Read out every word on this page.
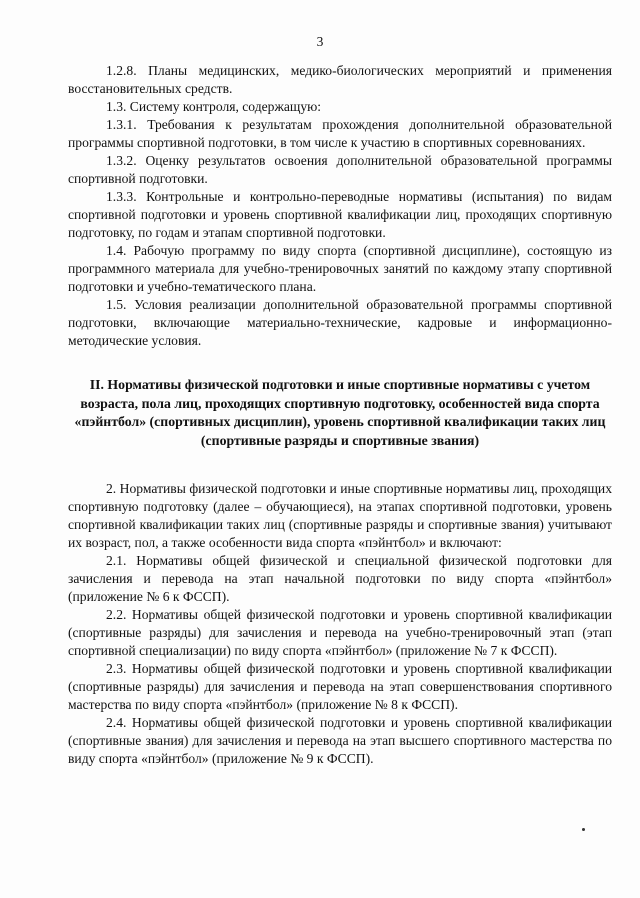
3

1.2.8. Планы медицинских, медико-биологических мероприятий и применения восстановительных средств.

1.3. Систему контроля, содержащую:

1.3.1. Требования к результатам прохождения дополнительной образовательной программы спортивной подготовки, в том числе к участию в спортивных соревнованиях.

1.3.2. Оценку результатов освоения дополнительной образовательной программы спортивной подготовки.

1.3.3. Контрольные и контрольно-переводные нормативы (испытания) по видам спортивной подготовки и уровень спортивной квалификации лиц, проходящих спортивную подготовку, по годам и этапам спортивной подготовки.

1.4. Рабочую программу по виду спорта (спортивной дисциплине), состоящую из программного материала для учебно-тренировочных занятий по каждому этапу спортивной подготовки и учебно-тематического плана.

1.5. Условия реализации дополнительной образовательной программы спортивной подготовки, включающие материально-технические, кадровые и информационно-методические условия.

II. Нормативы физической подготовки и иные спортивные нормативы с учетом возраста, пола лиц, проходящих спортивную подготовку, особенностей вида спорта «пэйнтбол» (спортивных дисциплин), уровень спортивной квалификации таких лиц (спортивные разряды и спортивные звания)

2. Нормативы физической подготовки и иные спортивные нормативы лиц, проходящих спортивную подготовку (далее – обучающиеся), на этапах спортивной подготовки, уровень спортивной квалификации таких лиц (спортивные разряды и спортивные звания) учитывают их возраст, пол, а также особенности вида спорта «пэйнтбол» и включают:

2.1. Нормативы общей физической и специальной физической подготовки для зачисления и перевода на этап начальной подготовки по виду спорта «пэйнтбол» (приложение № 6 к ФССП).

2.2. Нормативы общей физической подготовки и уровень спортивной квалификации (спортивные разряды) для зачисления и перевода на учебно-тренировочный этап (этап спортивной специализации) по виду спорта «пэйнтбол» (приложение № 7 к ФССП).

2.3. Нормативы общей физической подготовки и уровень спортивной квалификации (спортивные разряды) для зачисления и перевода на этап совершенствования спортивного мастерства по виду спорта «пэйнтбол» (приложение № 8 к ФССП).

2.4. Нормативы общей физической подготовки и уровень спортивной квалификации (спортивные звания) для зачисления и перевода на этап высшего спортивного мастерства по виду спорта «пэйнтбол» (приложение № 9 к ФССП).
